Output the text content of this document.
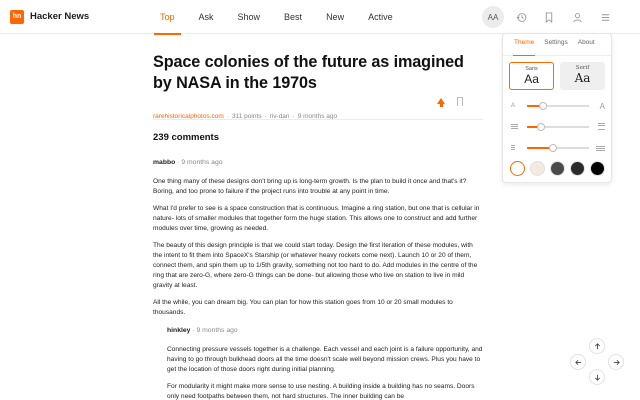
hn Hacker News	Top	Ask	Show	Best	New	Active	AA
Space colonies of the future as imagined by NASA in the 1970s
rarehistoricalphotos.com · 311 points · riv-dan · 9 months ago
239 comments
mabbo · 9 months ago

One thing many of these designs don't bring up is long-term growth. Is the plan to build it once and that's it? Boring, and too prone to failure if the project runs into trouble at any point in time.

What I'd prefer to see is a space construction that is continuous. Imagine a ring station, but one that is cellular in nature- lots of smaller modules that together form the huge station. This allows one to construct and add further modules over time, growing as needed.

The beauty of this design principle is that we could start today. Design the first iteration of these modules, with the intent to fit them into SpaceX's Starship (or whatever heavy rockets come next). Launch 10 or 20 of them, connect them, and spin them up to 1/5th gravity, something not too hard to do. Add modules in the centre of the ring that are zero-G, where zero-G things can be done- but allowing those who live on station to live in mild gravity at least.

All the while, you can dream big. You can plan for how this station goes from 10 or 20 small modules to thousands.

hinkley · 9 months ago

Connecting pressure vessels together is a challenge. Each vessel and each joint is a failure opportunity, and having to go through bulkhead doors all the time doesn't scale well beyond mission crews. Plus you have to get the location of those doors right during initial planning.

For modularity it might make more sense to use nesting. A building inside a building has no seams. Doors only need footpaths between them, not hard structures. The inner building can be

Theme	Settings	About
Sans
Aa
Serif
Aa
A	A
